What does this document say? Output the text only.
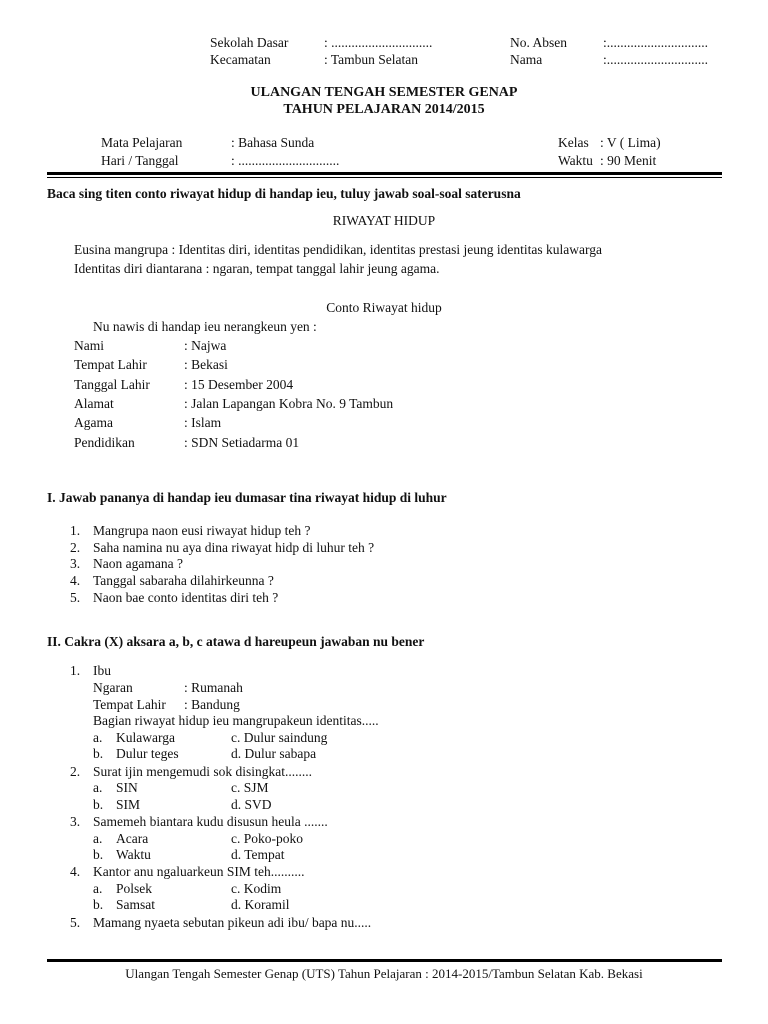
Sekolah Dasar	: ..............................	No. Absen	:..............................
Kecamatan	: Tambun Selatan	Nama	:..............................
ULANGAN TENGAH SEMESTER GENAP
TAHUN PELAJARAN 2014/2015
Mata Pelajaran	: Bahasa Sunda	Kelas : V ( Lima)
Hari / Tanggal	: ..............................	Waktu : 90 Menit
Baca sing titen conto riwayat hidup di handap ieu, tuluy jawab soal-soal saterusna
RIWAYAT HIDUP
Eusina mangrupa : Identitas diri, identitas pendidikan, identitas prestasi jeung identitas kulawarga
Identitas diri diantarana : ngaran, tempat tanggal lahir jeung agama.
Conto Riwayat hidup
Nu nawis di handap ieu nerangkeun yen :
Nami	: Najwa
Tempat Lahir	: Bekasi
Tanggal Lahir	: 15 Desember 2004
Alamat	: Jalan Lapangan Kobra No. 9 Tambun
Agama	: Islam
Pendidikan	: SDN Setiadarma 01
I. Jawab pananya di handap ieu dumasar tina riwayat hidup di luhur
1. Mangrupa naon eusi riwayat hidup teh ?
2. Saha namina nu aya dina riwayat hidp di luhur teh ?
3. Naon agamana ?
4. Tanggal sabaraha dilahirkeunna ?
5. Naon bae conto identitas diri teh ?
II. Cakra (X) aksara a, b, c atawa d hareupeun jawaban nu bener
1. Ibu
Ngaran	: Rumanah
Tempat Lahir : Bandung
Bagian riwayat hidup ieu mangrupakeun identitas.....
a. Kulawarga	c. Dulur saindung
b. Dulur teges	d. Dulur sabapa
2. Surat ijin mengemudi sok disingkat........
a. SIN	c. SJM
b. SIM	d. SVD
3. Samemeh biantara kudu disusun heula .......
a. Acara	c. Poko-poko
b. Waktu	d. Tempat
4. Kantor anu ngaluarkeun SIM teh..........
a. Polsek	c. Kodim
b. Samsat	d. Koramil
5. Mamang nyaeta sebutan pikeun adi ibu/ bapa nu.....
Ulangan Tengah Semester Genap (UTS) Tahun Pelajaran : 2014-2015/Tambun Selatan Kab. Bekasi
